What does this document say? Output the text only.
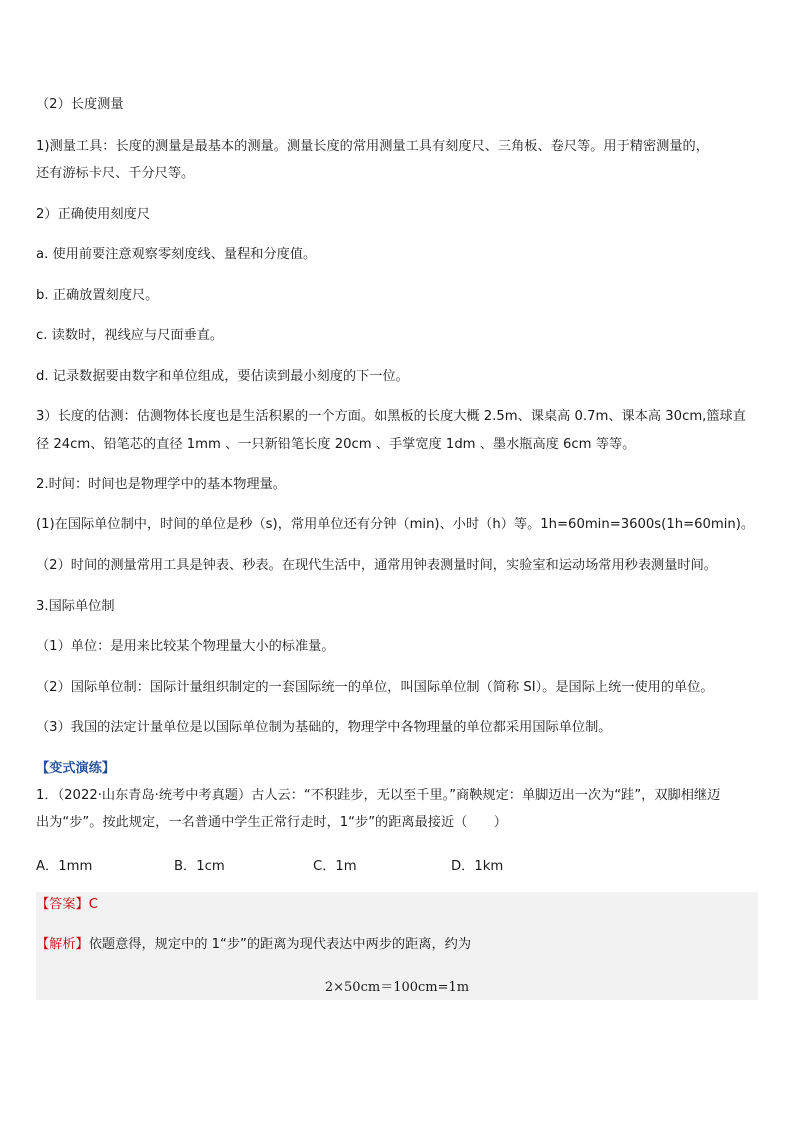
（2）长度测量
1)测量工具：长度的测量是最基本的测量。测量长度的常用测量工具有刻度尺、三角板、卷尺等。用于精密测量的，
还有游标卡尺、千分尺等。
2）正确使用刻度尺
a. 使用前要注意观察零刻度线、量程和分度值。
b. 正确放置刻度尺。
c. 读数时，视线应与尺面垂直。
d. 记录数据要由数字和单位组成，要估读到最小刻度的下一位。
3）长度的估测：估测物体长度也是生活积累的一个方面。如黑板的长度大概 2.5m、课桌高 0.7m、课本高 30cm,篮球直
径 24cm、铅笔芯的直径 1mm 、一只新铅笔长度 20cm 、手掌宽度 1dm 、墨水瓶高度 6cm 等等。
2.时间：时间也是物理学中的基本物理量。
(1)在国际单位制中，时间的单位是秒（s)，常用单位还有分钟（min)、小时（h）等。1h=60min=3600s(1h=60min)。
（2）时间的测量常用工具是钟表、秒表。在现代生活中，通常用钟表测量时间，实验室和运动场常用秒表测量时间。
3.国际单位制
（1）单位：是用来比较某个物理量大小的标准量。
（2）国际单位制：国际计量组织制定的一套国际统一的单位，叫国际单位制（简称 SI）。是国际上统一使用的单位。
（3）我国的法定计量单位是以国际单位制为基础的，物理学中各物理量的单位都采用国际单位制。
【变式演练】
1．（2022·山东青岛·统考中考真题）古人云：“不积跬步，无以至千里。”商鞅规定：单脚迈出一次为“跬”，双脚相继迈
出为“步”。按此规定，一名普通中学生正常行走时，1“步”的距离最接近（　　）
A．1mm	B．1cm	C．1m	D．1km
【答案】C
【解析】依题意得，规定中的 1“步”的距离为现代表达中两步的距离，约为
2×50cm＝100cm=1m
